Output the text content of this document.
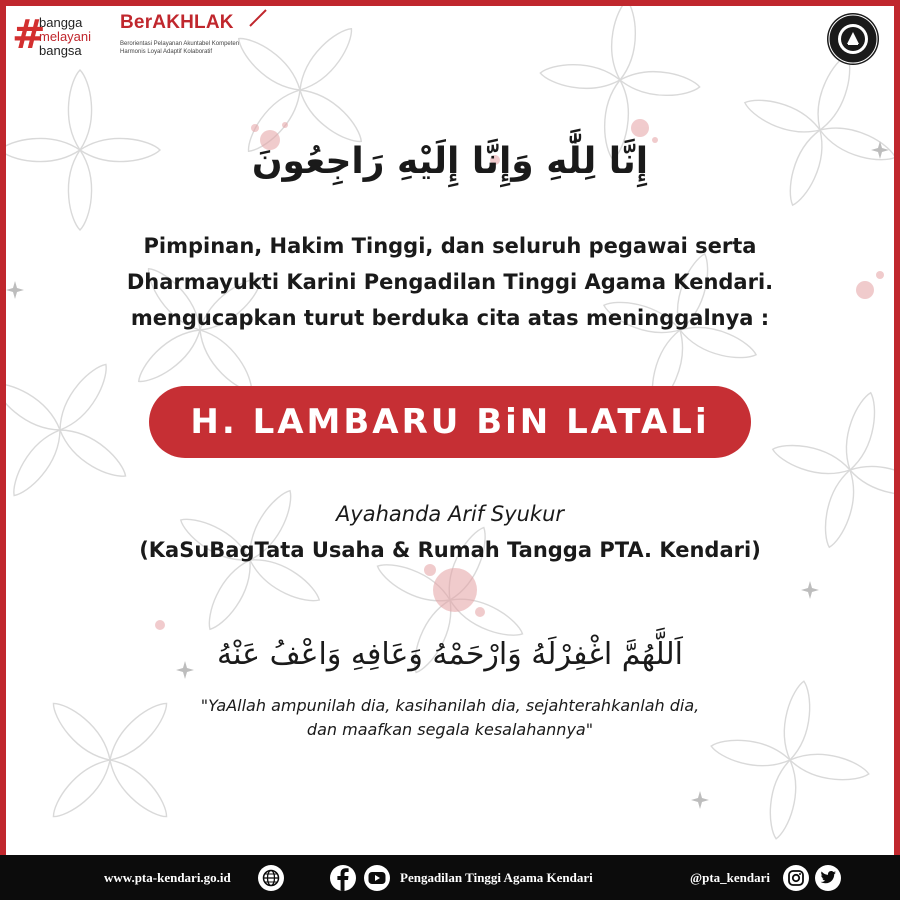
#
bangga
melayani
bangsa
BerAKHLAK
Berorientasi Pelayanan Akuntabel Kompeten
Harmonis Loyal Adaptif Kolaboratif
إِنَّا لِلَّٰهِ وَإِنَّا إِلَيْهِ رَاجِعُونَ
Pimpinan, Hakim Tinggi, dan seluruh pegawai serta
Dharmayukti Karini Pengadilan Tinggi Agama Kendari.
mengucapkan turut berduka cita atas meninggalnya :
H. LAMBARU BiN LATALi
Ayahanda Arif Syukur
(KaSuBagTata Usaha & Rumah Tangga PTA. Kendari)
اَللَّهُمَّ اغْفِرْلَهُ وَارْحَمْهُ وَعَافِهِ وَاعْفُ عَنْهُ
"YaAllah ampunilah dia, kasihanilah dia, sejahterahkanlah dia,
dan maafkan segala kesalahannya"
www.pta-kendari.go.id	Pengadilan Tinggi Agama Kendari	@pta_kendari
